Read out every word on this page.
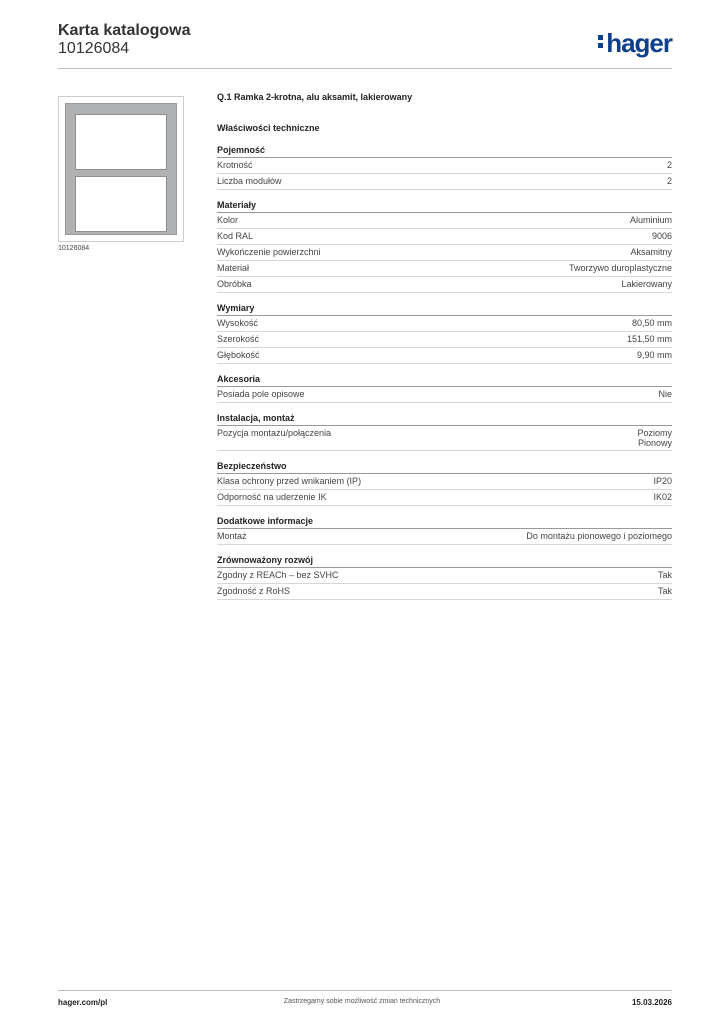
Karta katalogowa
10126084	hager
10126084
Q.1 Ramka 2-krotna, alu aksamit, lakierowany
Właściwości techniczne
Pojemność
Krotność	2
Liczba modułów	2
Materiały
Kolor	Aluminium
Kod RAL	9006
Wykończenie powierzchni	Aksamitny
Materiał	Tworzywo duroplastyczne
Obróbka	Lakierowany
Wymiary
Wysokość	80,50 mm
Szerokość	151,50 mm
Głębokość	9,90 mm
Akcesoria
Posiada pole opisowe	Nie
Instalacja, montaż
Pozycja montażu/połączenia	Poziomy
Pionowy
Bezpieczeństwo
Klasa ochrony przed wnikaniem (IP)	IP20
Odporność na uderzenie IK	IK02
Dodatkowe informacje
Montaż	Do montażu pionowego i poziomego
Zrównoważony rozwój
Zgodny z REACh – bez SVHC	Tak
Zgodność z RoHS	Tak
hager.com/pl	Zastrzegamy sobie możliwość zmian technicznych	15.03.2026
